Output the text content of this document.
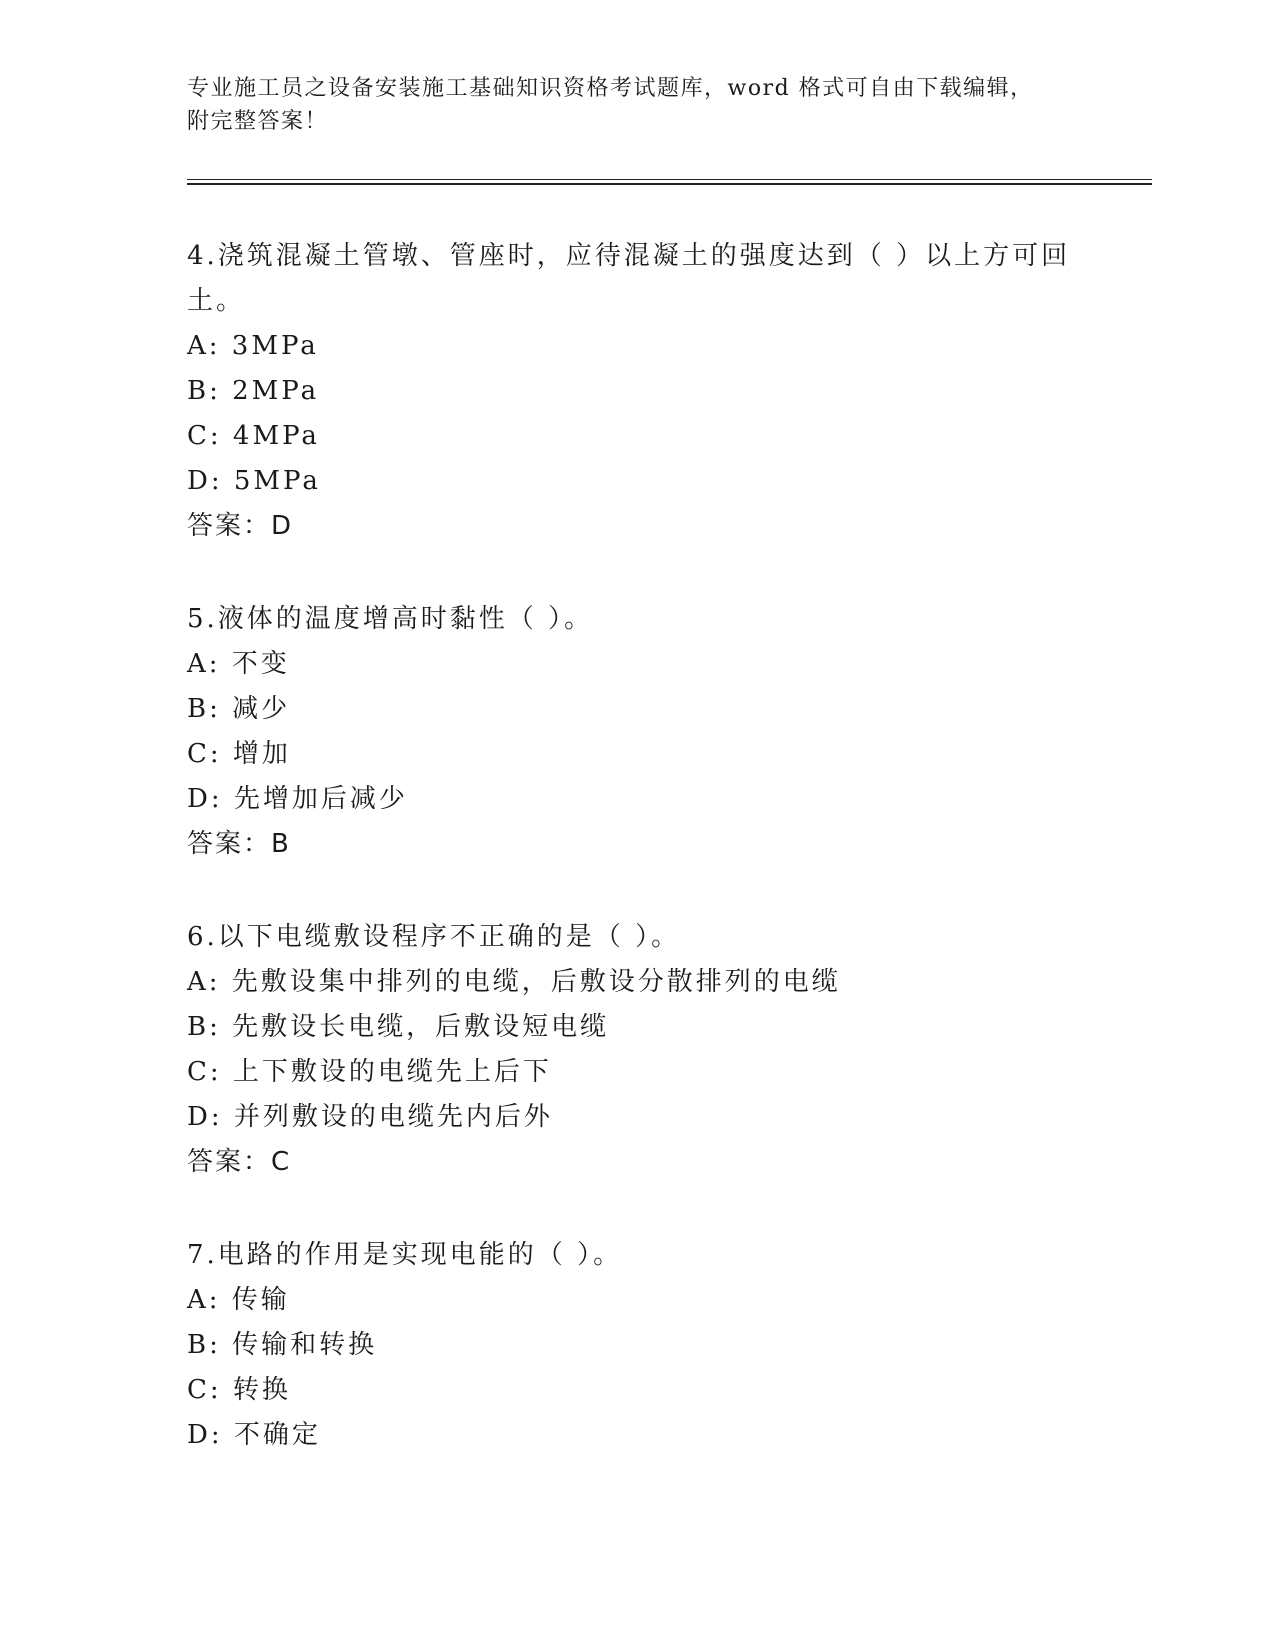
专业施工员之设备安装施工基础知识资格考试题库，word 格式可自由下载编辑，
附完整答案！

4.浇筑混凝土管墩、管座时，应待混凝土的强度达到（ ）以上方可回

土。

A: 3MPa

B: 2MPa

C: 4MPa

D: 5MPa

答案：D

5.液体的温度增高时黏性（ ）。

A: 不变

B: 减少

C: 增加

D: 先增加后减少

答案：B

6.以下电缆敷设程序不正确的是（ ）。

A: 先敷设集中排列的电缆，后敷设分散排列的电缆

B: 先敷设长电缆，后敷设短电缆

C: 上下敷设的电缆先上后下

D: 并列敷设的电缆先内后外

答案：C

7.电路的作用是实现电能的（ ）。

A: 传输

B: 传输和转换

C: 转换

D: 不确定
